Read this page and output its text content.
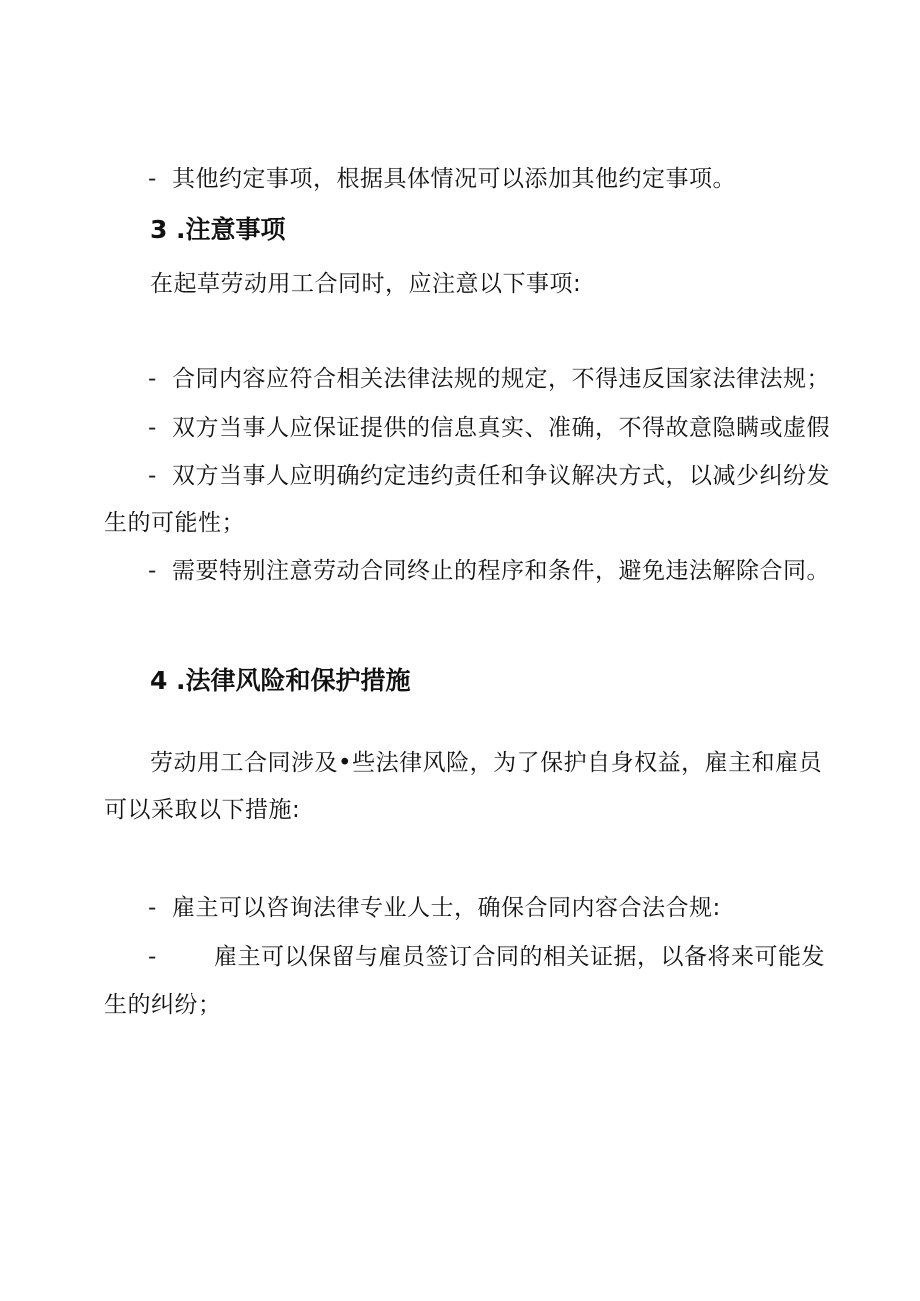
- 其他约定事项，根据具体情况可以添加其他约定事项。
3 .注意事项
在起草劳动用工合同时，应注意以下事项:
- 合同内容应符合相关法律法规的规定，不得违反国家法律法规；
- 双方当事人应保证提供的信息真实、准确，不得故意隐瞒或虚假
- 双方当事人应明确约定违约责任和争议解决方式，以减少纠纷发
生的可能性；
- 需要特别注意劳动合同终止的程序和条件，避免违法解除合同。
4 .法律风险和保护措施
劳动用工合同涉及•些法律风险，为了保护自身权益，雇主和雇员
可以采取以下措施:
- 雇主可以咨询法律专业人士，确保合同内容合法合规:
- 雇主可以保留与雇员签订合同的相关证据，以备将来可能发
生的纠纷；
